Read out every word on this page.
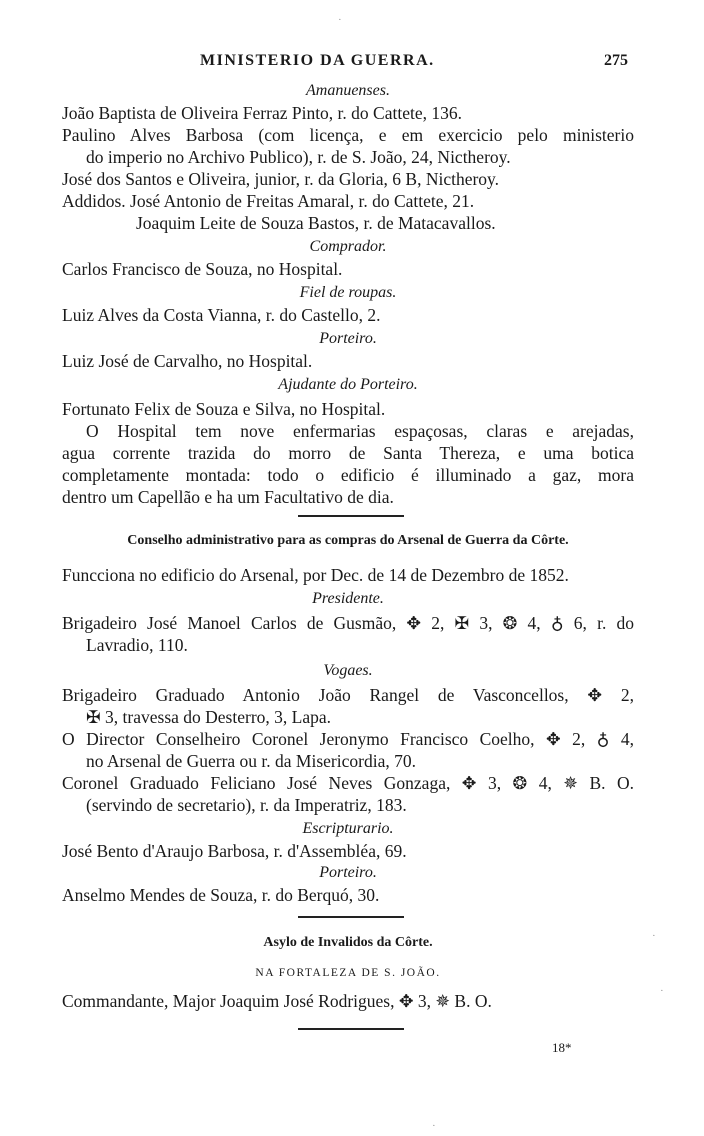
MINISTERIO DA GUERRA.	275
Amanuenses.
João Baptista de Oliveira Ferraz Pinto, r. do Cattete, 136.
Paulino Alves Barbosa (com licença, e em exercicio pelo ministerio
do imperio no Archivo Publico), r. de S. João, 24, Nictheroy.
José dos Santos e Oliveira, junior, r. da Gloria, 6 B, Nictheroy.
Addidos. José Antonio de Freitas Amaral, r. do Cattete, 21.
Joaquim Leite de Souza Bastos, r. de Matacavallos.
Comprador.
Carlos Francisco de Souza, no Hospital.
Fiel de roupas.
Luiz Alves da Costa Vianna, r. do Castello, 2.
Porteiro.
Luiz José de Carvalho, no Hospital.
Ajudante do Porteiro.
Fortunato Felix de Souza e Silva, no Hospital.
O Hospital tem nove enfermarias espaçosas, claras e arejadas,
agua corrente trazida do morro de Santa Thereza, e uma botica
completamente montada: todo o edificio é illuminado a gaz, mora
dentro um Capellão e ha um Facultativo de dia.
Conselho administrativo para as compras do Arsenal de Guerra da Côrte.
Funcciona no edificio do Arsenal, por Dec. de 14 de Dezembro de 1852.
Presidente.
Brigadeiro José Manoel Carlos de Gusmão, ✥ 2, ✠ 3, ❂ 4, ♁ 6, r. do
Lavradio, 110.
Vogaes.
Brigadeiro Graduado Antonio João Rangel de Vasconcellos, ✥ 2,
✠ 3, travessa do Desterro, 3, Lapa.
O Director Conselheiro Coronel Jeronymo Francisco Coelho, ✥ 2, ♁ 4,
no Arsenal de Guerra ou r. da Misericordia, 70.
Coronel Graduado Feliciano José Neves Gonzaga, ✥ 3, ❂ 4, ✵ B. O.
(servindo de secretario), r. da Imperatriz, 183.
Escripturario.
José Bento d'Araujo Barbosa, r. d'Assembléa, 69.
Porteiro.
Anselmo Mendes de Souza, r. do Berquó, 30.
Asylo de Invalidos da Côrte.
NA FORTALEZA DE S. JOÃO.
Commandante, Major Joaquim José Rodrigues, ✥ 3, ✵ B. O.
18*
·
·
·
·
